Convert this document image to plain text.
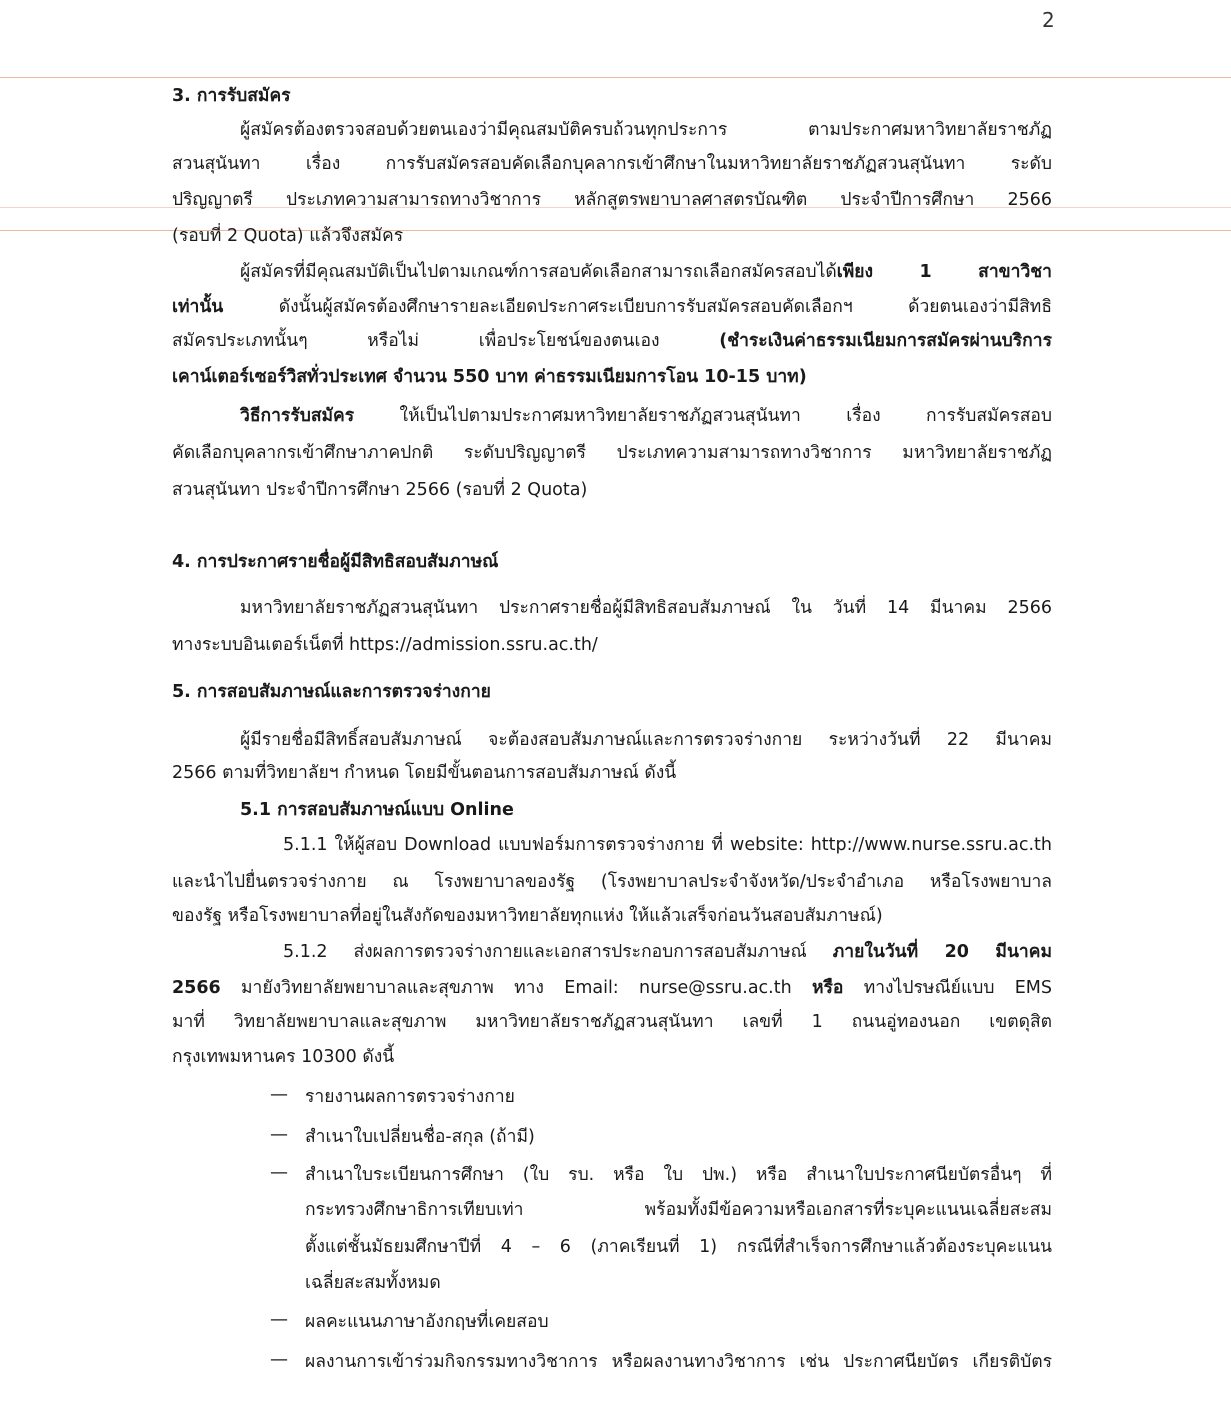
2
3. การรับสมัคร
ผู้สมัครต้องตรวจสอบด้วยตนเองว่ามีคุณสมบัติครบถ้วนทุกประการ ตามประกาศมหาวิทยาลัยราชภัฏ
สวนสุนันทา เรื่อง การรับสมัครสอบคัดเลือกบุคลากรเข้าศึกษาในมหาวิทยาลัยราชภัฏสวนสุนันทา ระดับ
ปริญญาตรี ประเภทความสามารถทางวิชาการ หลักสูตรพยาบาลศาสตรบัณฑิต ประจำปีการศึกษา 2566
(รอบที่ 2 Quota) แล้วจึงสมัคร
ผู้สมัครที่มีคุณสมบัติเป็นไปตามเกณฑ์การสอบคัดเลือกสามารถเลือกสมัครสอบได้เพียง 1 สาขาวิชา
เท่านั้น ดังนั้นผู้สมัครต้องศึกษารายละเอียดประกาศระเบียบการรับสมัครสอบคัดเลือกฯ ด้วยตนเองว่ามีสิทธิ
สมัครประเภทนั้นๆ หรือไม่ เพื่อประโยชน์ของตนเอง (ชำระเงินค่าธรรมเนียมการสมัครผ่านบริการ
เคาน์เตอร์เซอร์วิสทั่วประเทศ จำนวน 550 บาท ค่าธรรมเนียมการโอน 10-15 บาท)
วิธีการรับสมัคร ให้เป็นไปตามประกาศมหาวิทยาลัยราชภัฏสวนสุนันทา เรื่อง การรับสมัครสอบ
คัดเลือกบุคลากรเข้าศึกษาภาคปกติ ระดับปริญญาตรี ประเภทความสามารถทางวิชาการ มหาวิทยาลัยราชภัฏ
สวนสุนันทา ประจำปีการศึกษา 2566 (รอบที่ 2 Quota)
4. การประกาศรายชื่อผู้มีสิทธิสอบสัมภาษณ์
มหาวิทยาลัยราชภัฏสวนสุนันทา ประกาศรายชื่อผู้มีสิทธิสอบสัมภาษณ์ ใน วันที่ 14 มีนาคม 2566
ทางระบบอินเตอร์เน็ตที่ https://admission.ssru.ac.th/
5. การสอบสัมภาษณ์และการตรวจร่างกาย
ผู้มีรายชื่อมีสิทธิ์สอบสัมภาษณ์ จะต้องสอบสัมภาษณ์และการตรวจร่างกาย ระหว่างวันที่ 22 มีนาคม
2566 ตามที่วิทยาลัยฯ กำหนด โดยมีขั้นตอนการสอบสัมภาษณ์ ดังนี้
5.1 การสอบสัมภาษณ์แบบ Online
5.1.1 ให้ผู้สอบ Download แบบฟอร์มการตรวจร่างกาย ที่ website: http://www.nurse.ssru.ac.th
และนำไปยื่นตรวจร่างกาย ณ โรงพยาบาลของรัฐ (โรงพยาบาลประจำจังหวัด/ประจำอำเภอ หรือโรงพยาบาล
ของรัฐ หรือโรงพยาบาลที่อยู่ในสังกัดของมหาวิทยาลัยทุกแห่ง ให้แล้วเสร็จก่อนวันสอบสัมภาษณ์)
5.1.2 ส่งผลการตรวจร่างกายและเอกสารประกอบการสอบสัมภาษณ์ ภายในวันที่ 20 มีนาคม
2566 มายังวิทยาลัยพยาบาลและสุขภาพ ทาง Email: nurse@ssru.ac.th หรือ ทางไปรษณีย์แบบ EMS
มาที่ วิทยาลัยพยาบาลและสุขภาพ มหาวิทยาลัยราชภัฏสวนสุนันทา เลขที่ 1 ถนนอู่ทองนอก เขตดุสิต
กรุงเทพมหานคร 10300 ดังนี้
รายงานผลการตรวจร่างกาย
—
สำเนาใบเปลี่ยนชื่อ-สกุล (ถ้ามี)
—
สำเนาใบระเบียนการศึกษา (ใบ รบ. หรือ ใบ ปพ.) หรือ สำเนาใบประกาศนียบัตรอื่นๆ ที่
—
กระทรวงศึกษาธิการเทียบเท่า พร้อมทั้งมีข้อความหรือเอกสารที่ระบุคะแนนเฉลี่ยสะสม
ตั้งแต่ชั้นมัธยมศึกษาปีที่ 4 – 6 (ภาคเรียนที่ 1) กรณีที่สำเร็จการศึกษาแล้วต้องระบุคะแนน
เฉลี่ยสะสมทั้งหมด
ผลคะแนนภาษาอังกฤษที่เคยสอบ
—
ผลงานการเข้าร่วมกิจกรรมทางวิชาการ หรือผลงานทางวิชาการ เช่น ประกาศนียบัตร เกียรติบัตร
—
